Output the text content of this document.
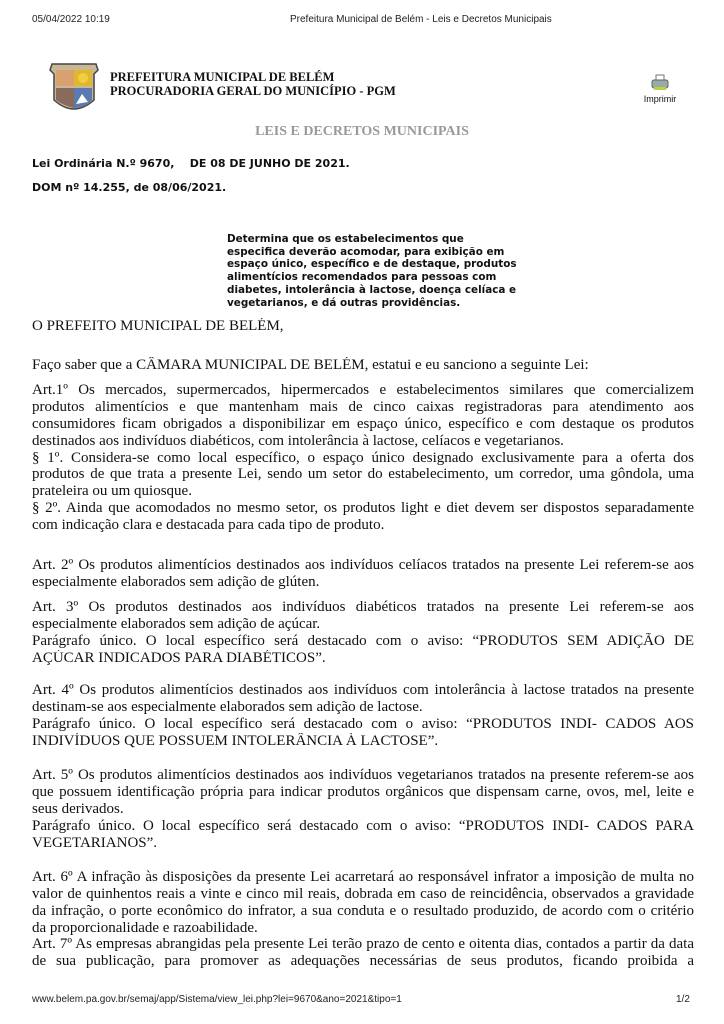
05/04/2022 10:19	Prefeitura Municipal de Belém - Leis e Decretos Municipais
PREFEITURA MUNICIPAL DE BELÉM
PROCURADORIA GERAL DO MUNICÍPIO - PGM
Imprimir
LEIS E DECRETOS MUNICIPAIS
Lei Ordinária N.º 9670,    DE 08 DE JUNHO DE 2021.
DOM nº 14.255, de 08/06/2021.
Determina que os estabelecimentos que
especifica deverão acomodar, para exibição em
espaço único, específico e de destaque, produtos
alimentícios recomendados para pessoas com
diabetes, intolerância à lactose, doença celíaca e
vegetarianos, e dá outras providências.
O PREFEITO MUNICIPAL DE BELÉM,
Faço saber que a CÂMARA MUNICIPAL DE BELÉM, estatui e eu sanciono a seguinte Lei:
Art.1º Os mercados, supermercados, hipermercados e estabelecimentos similares que comercializem
produtos alimentícios e que mantenham mais de cinco caixas registradoras para atendimento aos
consumidores ficam obrigados a disponibilizar em espaço único, específico e com destaque os produtos
destinados aos indivíduos diabéticos, com intolerância à lactose, celíacos e vegetarianos.
§ 1º. Considera-se como local específico, o espaço único designado exclusivamente para a oferta dos
produtos de que trata a presente Lei, sendo um setor do estabelecimento, um corredor, uma gôndola, uma
prateleira ou um quiosque.
§ 2º. Ainda que acomodados no mesmo setor, os produtos light e diet devem ser dispostos separadamente
com indicação clara e destacada para cada tipo de produto.
Art. 2º Os produtos alimentícios destinados aos indivíduos celíacos tratados na presente Lei referem-se aos
especialmente elaborados sem adição de glúten.
Art. 3º Os produtos destinados aos indivíduos diabéticos tratados na presente Lei referem-se aos
especialmente elaborados sem adição de açúcar.
Parágrafo único. O local específico será destacado com o aviso: “PRODUTOS SEM ADIÇÃO DE
AÇÚCAR INDICADOS PARA DIABÉTICOS”.
Art. 4º Os produtos alimentícios destinados aos indivíduos com intolerância à lactose tratados na presente
destinam-se aos especialmente elaborados sem adição de lactose.
Parágrafo único. O local específico será destacado com o aviso: “PRODUTOS INDI- CADOS AOS
INDIVÍDUOS QUE POSSUEM INTOLERÂNCIA À LACTOSE”.
Art. 5º Os produtos alimentícios destinados aos indivíduos vegetarianos tratados na presente referem-se aos
que possuem identificação própria para indicar produtos orgânicos que dispensam carne, ovos, mel, leite e
seus derivados.
Parágrafo único. O local específico será destacado com o aviso: “PRODUTOS INDI- CADOS PARA
VEGETARIANOS”.
Art. 6º A infração às disposições da presente Lei acarretará ao responsável infrator a imposição de multa no
valor de quinhentos reais a vinte e cinco mil reais, dobrada em caso de reincidência, observados a gravidade
da infração, o porte econômico do infrator, a sua conduta e o resultado produzido, de acordo com o critério
da proporcionalidade e razoabilidade.
Art. 7º As empresas abrangidas pela presente Lei terão prazo de cento e oitenta dias, contados a partir da data
de sua publicação, para promover as adequações necessárias de seus produtos, ficando proibida a
www.belem.pa.gov.br/semaj/app/Sistema/view_lei.php?lei=9670&ano=2021&tipo=1	1/2
